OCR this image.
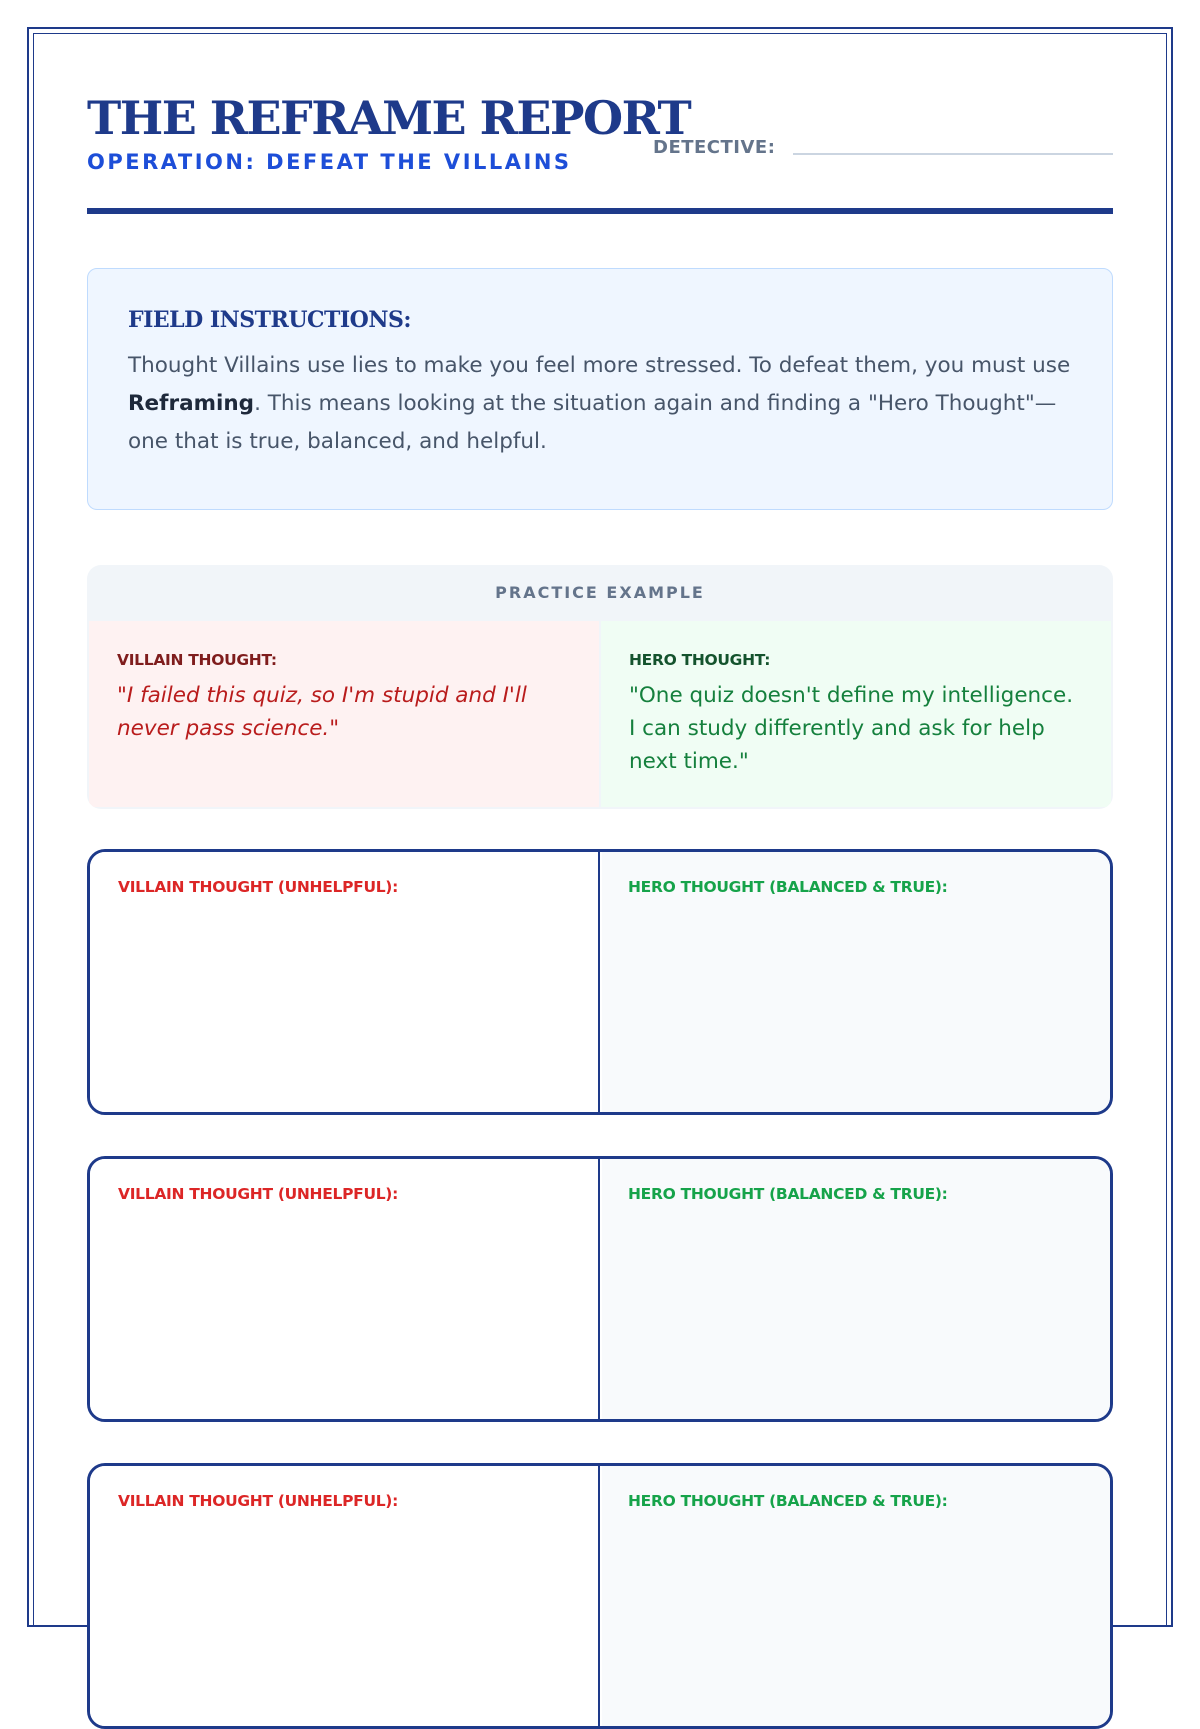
THE REFRAME REPORT
OPERATION: DEFEAT THE VILLAINS
DETECTIVE:
FIELD INSTRUCTIONS:

Thought Villains use lies to make you feel more stressed. To defeat them, you must use Reframing. This means looking at the situation again and finding a "Hero Thought"—one that is true, balanced, and helpful.

PRACTICE EXAMPLE
VILLAIN THOUGHT:

"I failed this quiz, so I'm stupid and I'll never pass science."

HERO THOUGHT:

"One quiz doesn't define my intelligence. I can study differently and ask for help next time."

VILLAIN THOUGHT (UNHELPFUL):	HERO THOUGHT (BALANCED & TRUE):
VILLAIN THOUGHT (UNHELPFUL):	HERO THOUGHT (BALANCED & TRUE):
VILLAIN THOUGHT (UNHELPFUL):	HERO THOUGHT (BALANCED & TRUE):
